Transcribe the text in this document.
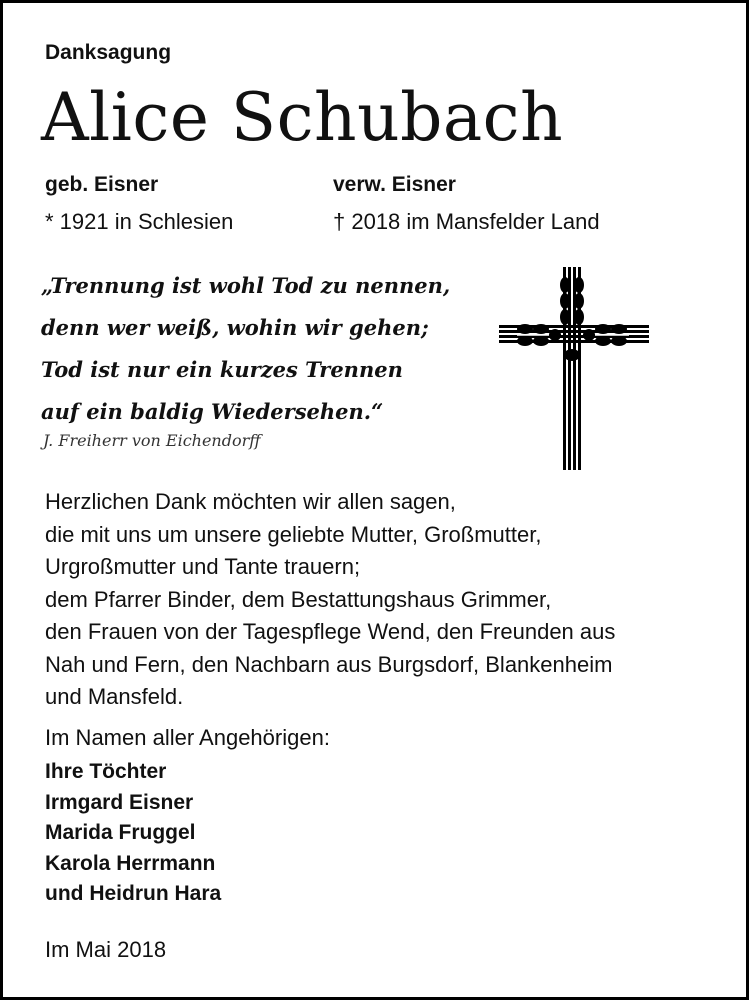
Danksagung
Alice Schubach
geb. Eisner	verw. Eisner
* 1921 in Schlesien	† 2018 im Mansfelder Land
„Trennung ist wohl Tod zu nennen,
denn wer weiß, wohin wir gehen;
Tod ist nur ein kurzes Trennen
auf ein baldig Wiedersehen.“
J. Freiherr von Eichendorff
Herzlichen Dank möchten wir allen sagen,
die mit uns um unsere geliebte Mutter, Großmutter,
Urgroßmutter und Tante trauern;
dem Pfarrer Binder, dem Bestattungshaus Grimmer,
den Frauen von der Tagespflege Wend, den Freunden aus
Nah und Fern, den Nachbarn aus Burgsdorf, Blankenheim
und Mansfeld.
Im Namen aller Angehörigen:
Ihre Töchter
Irmgard Eisner
Marida Fruggel
Karola Herrmann
und Heidrun Hara
Im Mai 2018
